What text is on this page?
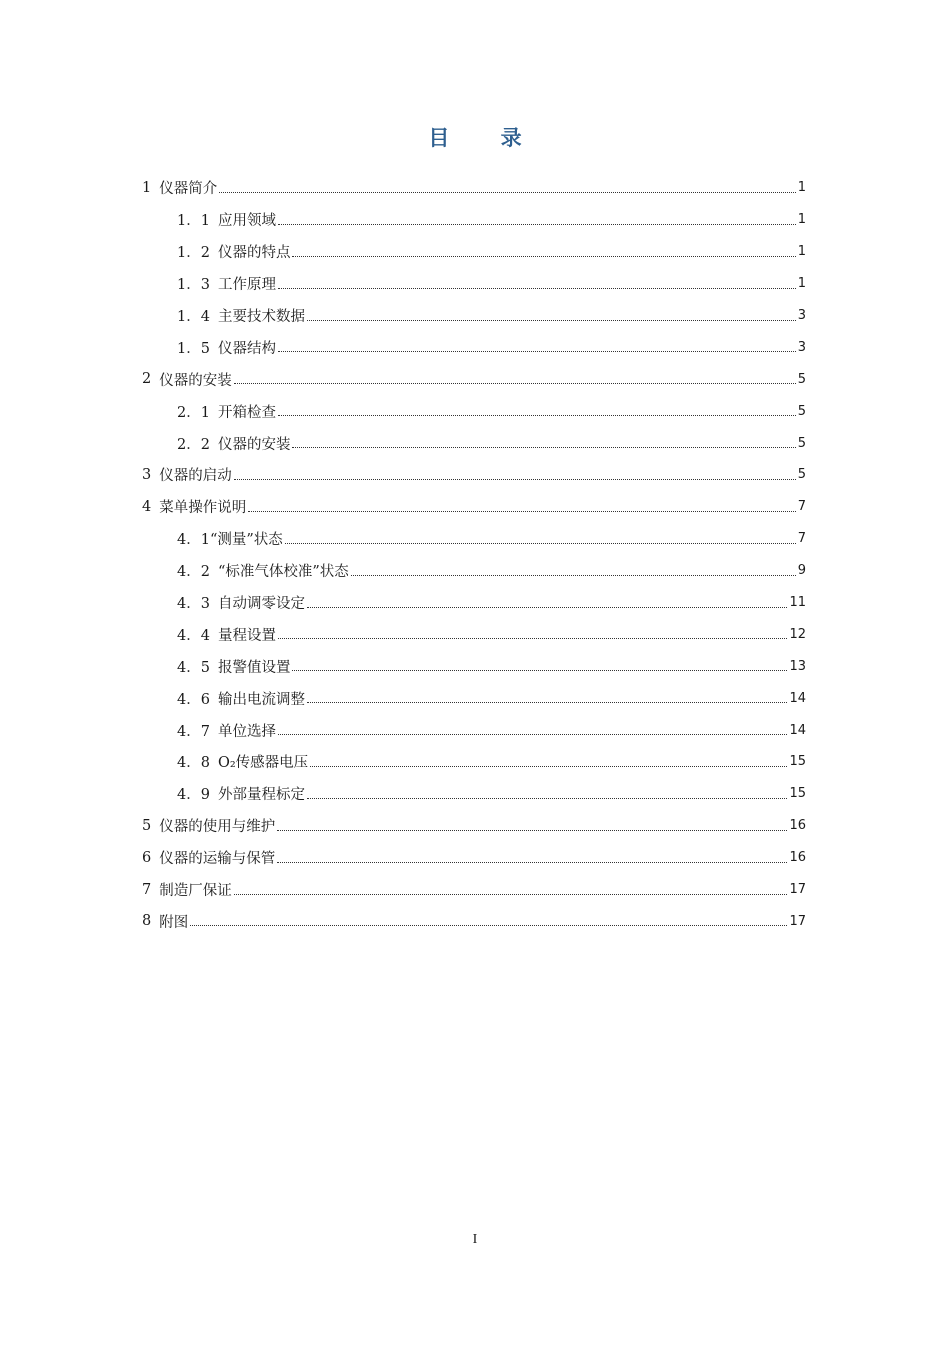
目 录
1 仪器简介	1
1．1 应用领域	1
1．2 仪器的特点	1
1．3 工作原理	1
1．4 主要技术数据	3
1．5 仪器结构	3
2 仪器的安装	5
2．1 开箱检查	5
2．2 仪器的安装	5
3 仪器的启动	5
4 菜单操作说明	7
4．1 “测量”状态	7
4．2 “标准气体校准”状态	9
4．3 自动调零设定	11
4．4 量程设置	12
4．5 报警值设置	13
4．6 输出电流调整	14
4．7 单位选择	14
4．8 O₂传感器电压	15
4．9 外部量程标定	15
5 仪器的使用与维护	16
6 仪器的运输与保管	16
7 制造厂保证	17
8 附图	17
I
